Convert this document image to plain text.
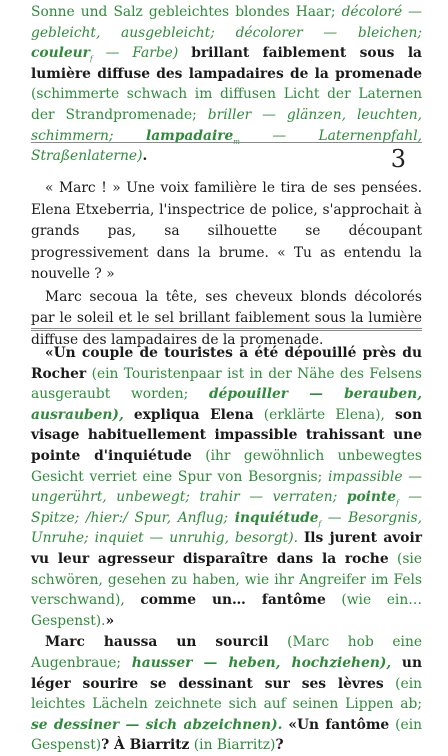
Sonne und Salz gebleichtes blondes Haar; décoloré — gebleicht, ausgebleicht; décolorer — bleichen; couleur$_f$ — Farbe) brillant faiblement sous la lumière diffuse des lampadaires de la promenade (schimmerte schwach im diffusen Licht der Laternen der Strandpromenade; briller — glänzen, leuchten, schimmern; lampadaire$_m$ — Laternenpfahl, Straßenlaterne).	3

« Marc ! » Une voix familière le tira de ses pensées. Elena Etxeberria, l'inspectrice de police, s'approchait à grands pas, sa silhouette se découpant progressivement dans la brume. « Tu as entendu la nouvelle ? »

Marc secoua la tête, ses cheveux blonds décolorés par le soleil et le sel brillant faiblement sous la lumière diffuse des lampadaires de la promenade.

«Un couple de touristes a été dépouillé près du Rocher (ein Touristenpaar ist in der Nähe des Felsens ausgeraubt worden; dépouiller — berauben, ausrauben), expliqua Elena (erklärte Elena), son visage habituellement impassible trahissant une pointe d'inquiétude (ihr gewöhnlich unbewegtes Gesicht verriet eine Spur von Besorgnis; impassible — ungerührt, unbewegt; trahir — verraten; pointe$_f$ — Spitze; /hier:/ Spur, Anflug; inquiétude$_f$ — Besorgnis, Unruhe; inquiet — unruhig, besorgt). Ils jurent avoir vu leur agresseur disparaître dans la roche (sie schwören, gesehen zu haben, wie ihr Angreifer im Fels verschwand), comme un… fantôme (wie ein… Gespenst).»

Marc haussa un sourcil (Marc hob eine Augenbraue; hausser — heben, hochziehen), un léger sourire se dessinant sur ses lèvres (ein leichtes Lächeln zeichnete sich auf seinen Lippen ab; se dessiner — sich abzeichnen). «Un fantôme (ein Gespenst)? À Biarritz (in Biarritz)?
